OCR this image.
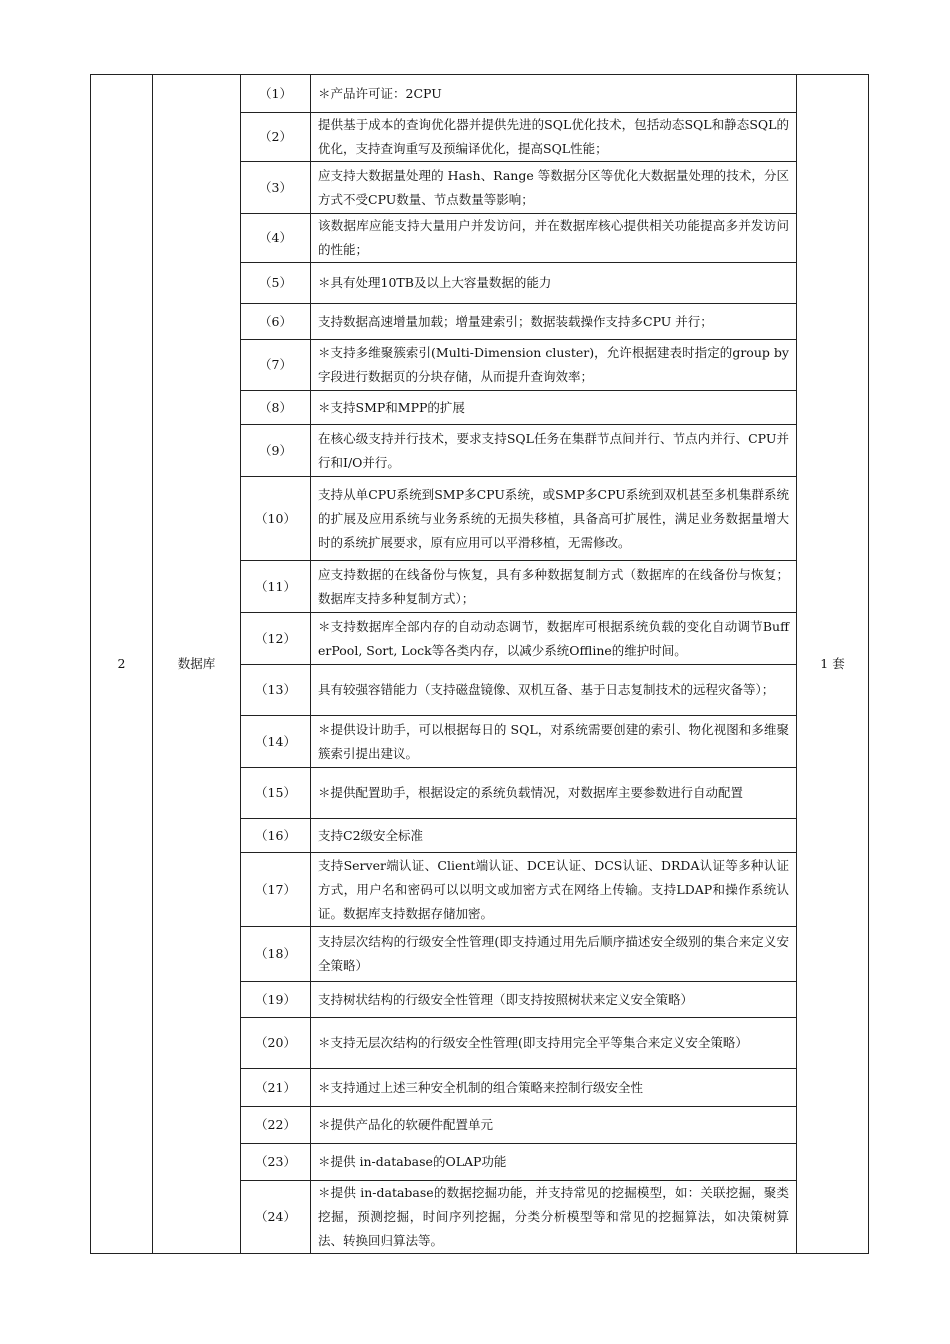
2	数据库	（1）	＊产品许可证：2CPU	1 套
		（2）	提供基于成本的查询优化器并提供先进的SQL优化技术，包括动态SQL和静态SQL的优化，支持查询重写及预编译优化，提高SQL性能；	
		（3）	应支持大数据量处理的 Hash、Range 等数据分区等优化大数据量处理的技术，分区方式不受CPU数量、节点数量等影响；	
		（4）	该数据库应能支持大量用户并发访问，并在数据库核心提供相关功能提高多并发访问的性能；	
		（5）	＊具有处理10TB及以上大容量数据的能力	
		（6）	支持数据高速增量加载；增量建索引；数据装载操作支持多CPU 并行；	
		（7）	＊支持多维聚簇索引(Multi-Dimension cluster)，允许根据建表时指定的group by字段进行数据页的分块存储，从而提升查询效率；	
		（8）	＊支持SMP和MPP的扩展	
		（9）	在核心级支持并行技术，要求支持SQL任务在集群节点间并行、节点内并行、CPU并行和I/O并行。	
		（10）	支持从单CPU系统到SMP多CPU系统，或SMP多CPU系统到双机甚至多机集群系统的扩展及应用系统与业务系统的无损失移植，具备高可扩展性，满足业务数据量增大时的系统扩展要求，原有应用可以平滑移植，无需修改。	
		（11）	应支持数据的在线备份与恢复，具有多种数据复制方式（数据库的在线备份与恢复；数据库支持多种复制方式）；	
		（12）	＊支持数据库全部内存的自动动态调节，数据库可根据系统负载的变化自动调节BufferPool, Sort, Lock等各类内存，以减少系统Offline的维护时间。	
		（13）	具有较强容错能力（支持磁盘镜像、双机互备、基于日志复制技术的远程灾备等）；	
		（14）	＊提供设计助手，可以根据每日的 SQL，对系统需要创建的索引、物化视图和多维聚簇索引提出建议。	
		（15）	＊提供配置助手，根据设定的系统负载情况，对数据库主要参数进行自动配置	
		（16）	支持C2级安全标准	
		（17）	支持Server端认证、Client端认证、DCE认证、DCS认证、DRDA认证等多种认证方式，用户名和密码可以以明文或加密方式在网络上传输。支持LDAP和操作系统认证。数据库支持数据存储加密。	
		（18）	支持层次结构的行级安全性管理(即支持通过用先后顺序描述安全级别的集合来定义安全策略）	
		（19）	支持树状结构的行级安全性管理（即支持按照树状来定义安全策略）	
		（20）	＊支持无层次结构的行级安全性管理(即支持用完全平等集合来定义安全策略）	
		（21）	＊支持通过上述三种安全机制的组合策略来控制行级安全性	
		（22）	＊提供产品化的软硬件配置单元	
		（23）	＊提供 in-database的OLAP功能	
		（24）	＊提供 in-database的数据挖掘功能，并支持常见的挖掘模型，如：关联挖掘，聚类挖掘，预测挖掘，时间序列挖掘，分类分析模型等和常见的挖掘算法，如决策树算法、转换回归算法等。	
